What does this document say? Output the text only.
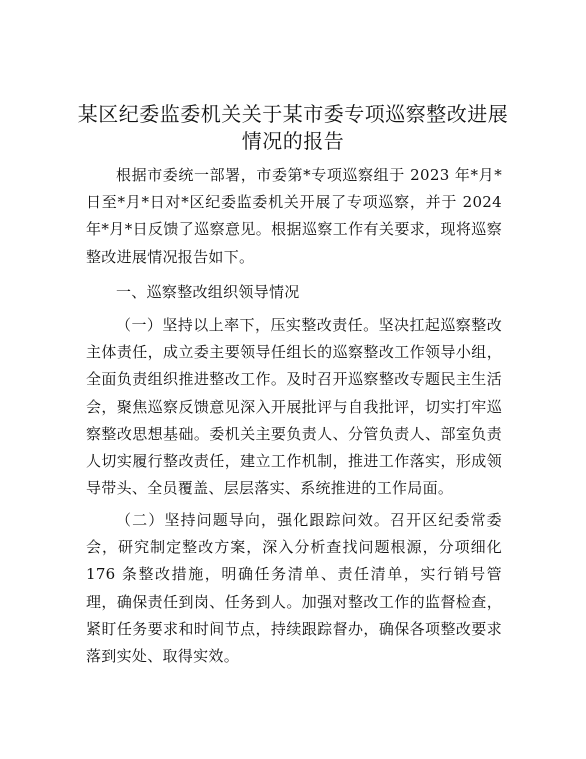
某区纪委监委机关关于某市委专项巡察整改进展情况的报告

根据市委统一部署，市委第*专项巡察组于 2023 年*月*日至*月*日对*区纪委监委机关开展了专项巡察，并于 2024 年*月*日反馈了巡察意见。根据巡察工作有关要求，现将巡察整改进展情况报告如下。

一、巡察整改组织领导情况

（一）坚持以上率下，压实整改责任。坚决扛起巡察整改主体责任，成立委主要领导任组长的巡察整改工作领导小组，全面负责组织推进整改工作。及时召开巡察整改专题民主生活会，聚焦巡察反馈意见深入开展批评与自我批评，切实打牢巡察整改思想基础。委机关主要负责人、分管负责人、部室负责人切实履行整改责任，建立工作机制，推进工作落实，形成领导带头、全员覆盖、层层落实、系统推进的工作局面。

（二）坚持问题导向，强化跟踪问效。召开区纪委常委会，研究制定整改方案，深入分析查找问题根源，分项细化 176 条整改措施，明确任务清单、责任清单，实行销号管理，确保责任到岗、任务到人。加强对整改工作的监督检查，紧盯任务要求和时间节点，持续跟踪督办，确保各项整改要求落到实处、取得实效。
